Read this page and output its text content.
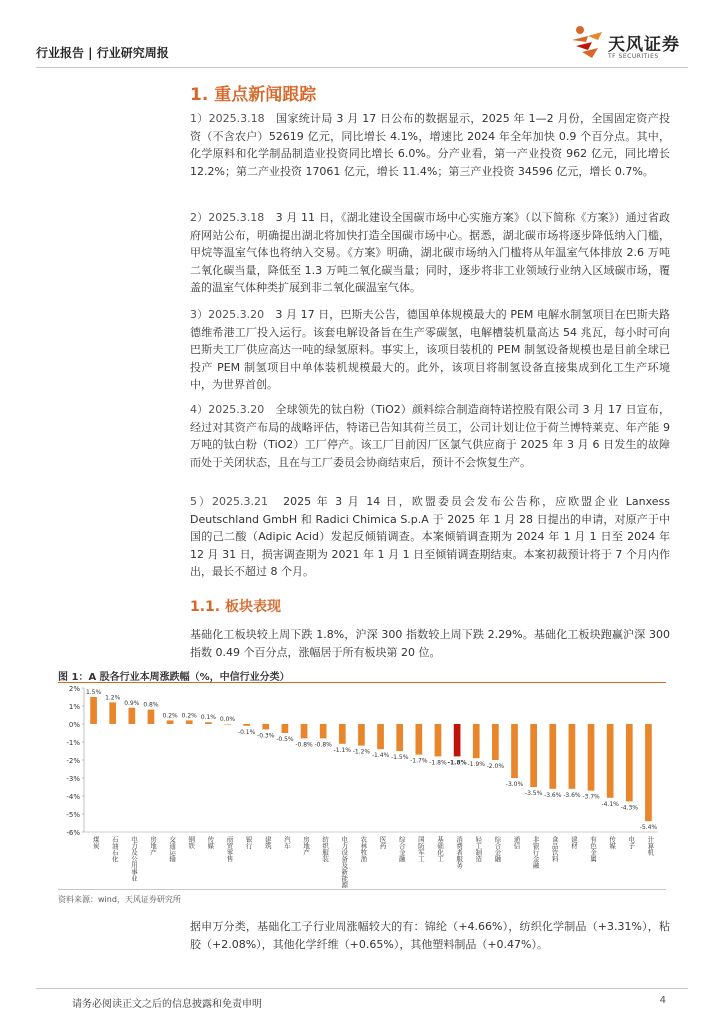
行业报告 | 行业研究周报	天风证券
TF SECURITIES
1. 重点新闻跟踪

1）2025.3.18　 国家统计局 3 月 17 日公布的数据显示，2025 年 1—2 月份，全国固定资产投资（不含农户）52619 亿元，同比增长 4.1%，增速比 2024 年全年加快 0.9 个百分点。其中，化学原料和化学制品制造业投资同比增长 6.0%。分产业看，第一产业投资 962 亿元，同比增长 12.2%；第二产业投资 17061 亿元，增长 11.4%；第三产业投资 34596 亿元，增长 0.7%。

2）2025.3.18　 3 月 11 日，《湖北建设全国碳市场中心实施方案》（以下简称《方案》）通过省政府网站公布，明确提出湖北将加快打造全国碳市场中心。据悉，湖北碳市场将逐步降低纳入门槛，甲烷等温室气体也将纳入交易。《方案》明确，湖北碳市场纳入门槛将从年温室气体排放 2.6 万吨二氧化碳当量，降低至 1.3 万吨二氧化碳当量；同时，逐步将非工业领域行业纳入区域碳市场，覆盖的温室气体种类扩展到非二氧化碳温室气体。

3）2025.3.20　 3 月 17 日，巴斯夫公告，德国单体规模最大的 PEM 电解水制氢项目在巴斯夫路德维希港工厂投入运行。该套电解设备旨在生产零碳氢，电解槽装机量高达 54 兆瓦，每小时可向巴斯夫工厂供应高达一吨的绿氢原料。事实上，该项目装机的 PEM 制氢设备规模也是目前全球已投产 PEM 制氢项目中单体装机规模最大的。此外，该项目将制氢设备直接集成到化工生产环境中，为世界首创。

4）2025.3.20　 全球领先的钛白粉（TiO2）颜料综合制造商特诺控股有限公司 3 月 17 日宣布，经过对其资产布局的战略评估，特诺已告知其荷兰员工，公司计划让位于荷兰博特莱克、年产能 9 万吨的钛白粉（TiO2）工厂停产。该工厂目前因厂区氯气供应商于 2025 年 3 月 6 日发生的故障而处于关闭状态，且在与工厂委员会协商结束后，预计不会恢复生产。

5）2025.3.21　 2025 年 3 月 14 日，欧盟委员会发布公告称，应欧盟企业 Lanxess Deutschland GmbH 和 Radici Chimica S.p.A 于 2025 年 1 月 28 日提出的申请，对原产于中国的己二酸（Adipic Acid）发起反倾销调查。本案倾销调查期为 2024 年 1 月 1 日至 2024 年 12 月 31 日，损害调查期为 2021 年 1 月 1 日至倾销调查期结束。本案初裁预计将于 7 个月内作出，最长不超过 8 个月。

1.1. 板块表现

基础化工板块较上周下跌 1.8%，沪深 300 指数较上周下跌 2.29%。基础化工板块跑赢沪深 300 指数 0.49 个百分点，涨幅居于所有板块第 20 位。

图 1：A 股各行业本周涨跌幅（%，中信行业分类）
2%
1%
0%
-1%
-2%
-3%
-4%
-5%
-6%
1.5%
煤炭
1.2%
石油石化
0.9%
电力及公用事业
0.8%
房地产
0.2%
交通运输
0.2%
钢铁
0.1%
传媒
0.0%
商贸零售
-0.1%
银行
-0.3%
建筑
-0.5%
汽车
-0.8%
房地产
-0.8%
纺织服装
-1.1%
电力设备及新能源
-1.2%
农林牧渔
-1.4%
医药
-1.5%
综合金融
-1.7%
国防军工
-1.8%
基础化工
-1.8%
消费者服务
-1.9%
轻工制造
-2.0%
综合金融
-3.0%
通信
-3.5%
非银行金融
-3.6%
食品饮料
-3.6%
建材
-3.7%
有色金属
-4.1%
传媒
-4.3%
电子
-5.4%
计算机
资料来源：wind，天风证券研究所

据申万分类，基础化工子行业周涨幅较大的有：锦纶（+4.66%），纺织化学制品（+3.31%），粘胶（+2.08%），其他化学纤维（+0.65%），其他塑料制品（+0.47%）。

请务必阅读正文之后的信息披露和免责申明	4
